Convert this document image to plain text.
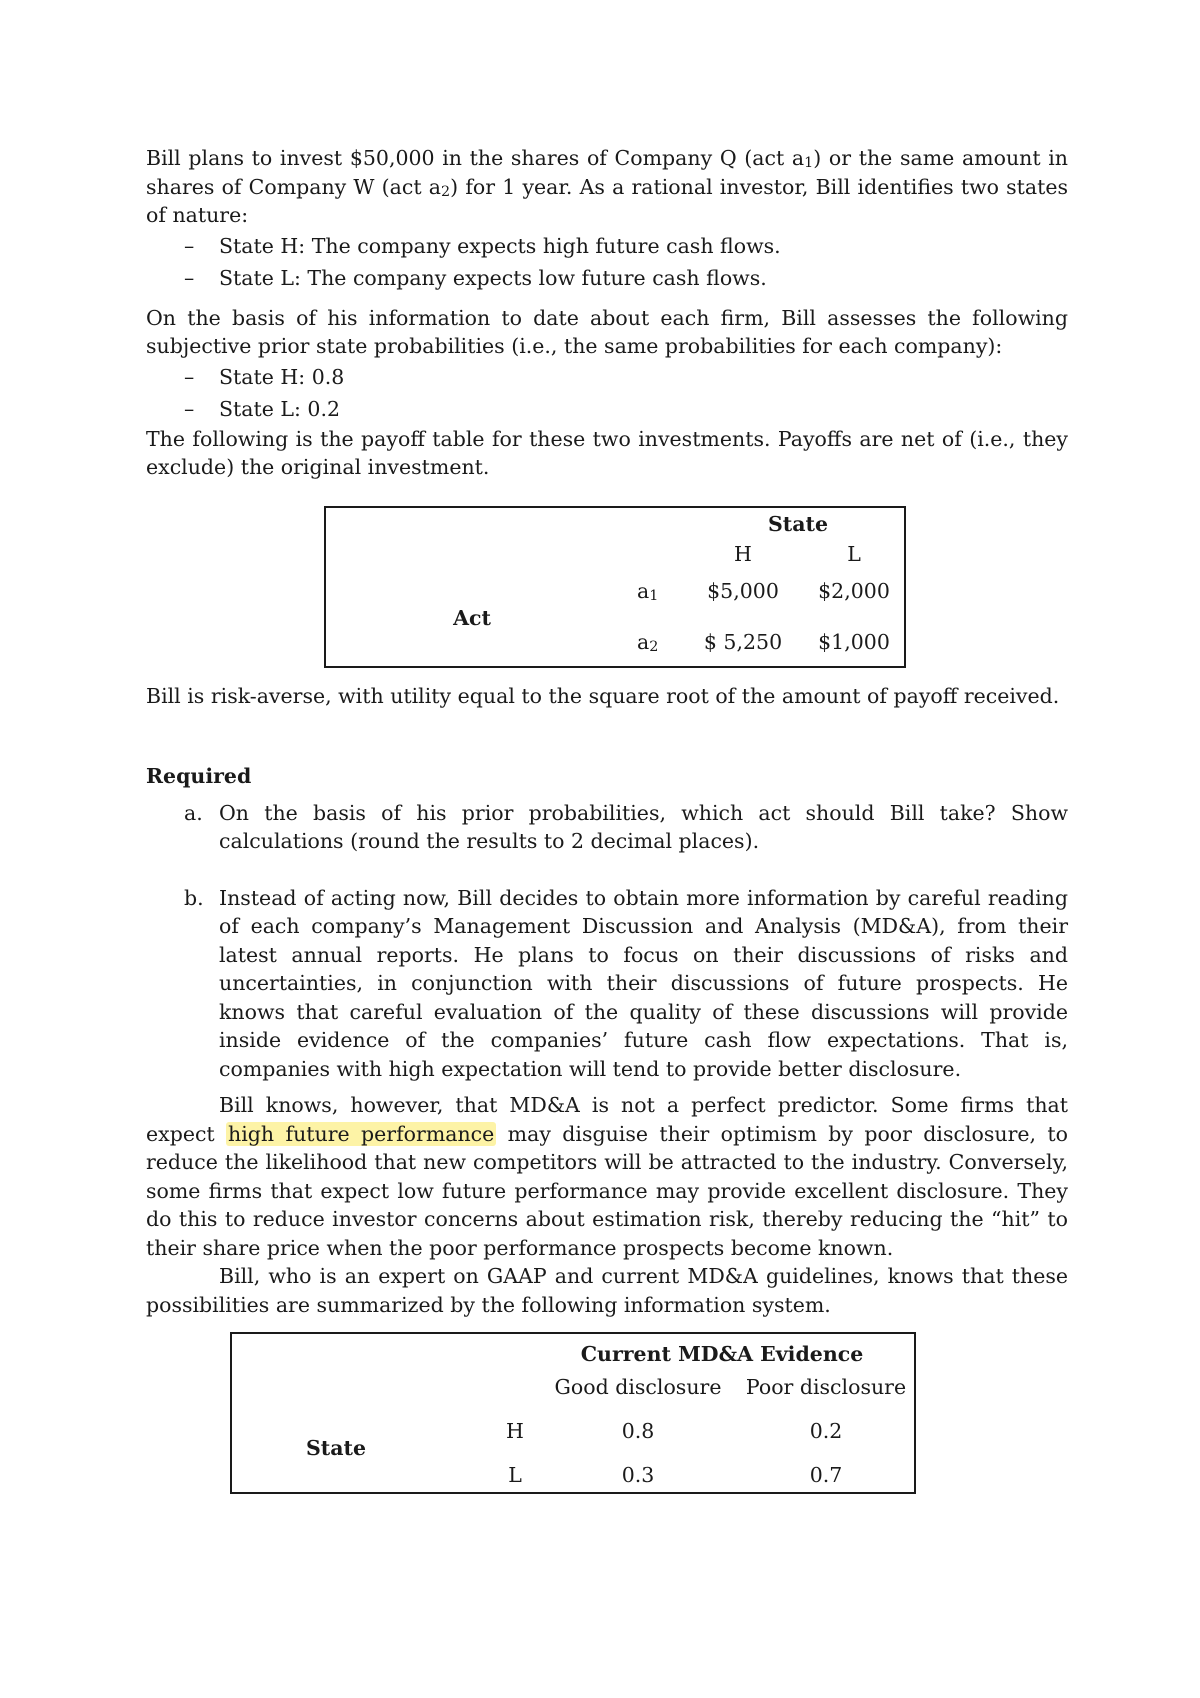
Bill plans to invest $50,000 in the shares of Company Q (act $a_1$) or the same amount in shares of Company W (act $a_2$) for 1 year. As a rational investor, Bill identifies two states of nature:

– State H: The company expects high future cash flows.
– State L: The company expects low future cash flows.

On the basis of his information to date about each firm, Bill assesses the following subjective prior state probabilities (i.e., the same probabilities for each company):

– State H: 0.8
– State L: 0.2

The following is the payoff table for these two investments. Payoffs are net of (i.e., they exclude) the original investment.

State
H	L
Act
$a_1$ $5,000 $2,000
$a_2$ $ 5,250 $1,000

Bill is risk-averse, with utility equal to the square root of the amount of payoff received.

Required

a. On the basis of his prior probabilities, which act should Bill take? Show calculations (round the results to 2 decimal places).
b. Instead of acting now, Bill decides to obtain more information by careful reading of each company’s Management Discussion and Analysis (MD&A), from their latest annual reports. He plans to focus on their discussions of risks and uncertainties, in conjunction with their discussions of future prospects. He knows that careful evaluation of the quality of these discussions will provide inside evidence of the companies’ future cash flow expectations. That is, companies with high expectation will tend to provide better disclosure.

Bill knows, however, that MD&A is not a perfect predictor. Some firms that expect high future performance may disguise their optimism by poor disclosure, to reduce the likelihood that new competitors will be attracted to the industry. Conversely, some firms that expect low future performance may provide excellent disclosure. They do this to reduce investor concerns about estimation risk, thereby reducing the “hit” to their share price when the poor performance prospects become known.

Bill, who is an expert on GAAP and current MD&A guidelines, knows that these possibilities are summarized by the following information system.

Current MD&A Evidence
Good disclosure Poor disclosure
State
H	0.8	0.2
L	0.3	0.7
